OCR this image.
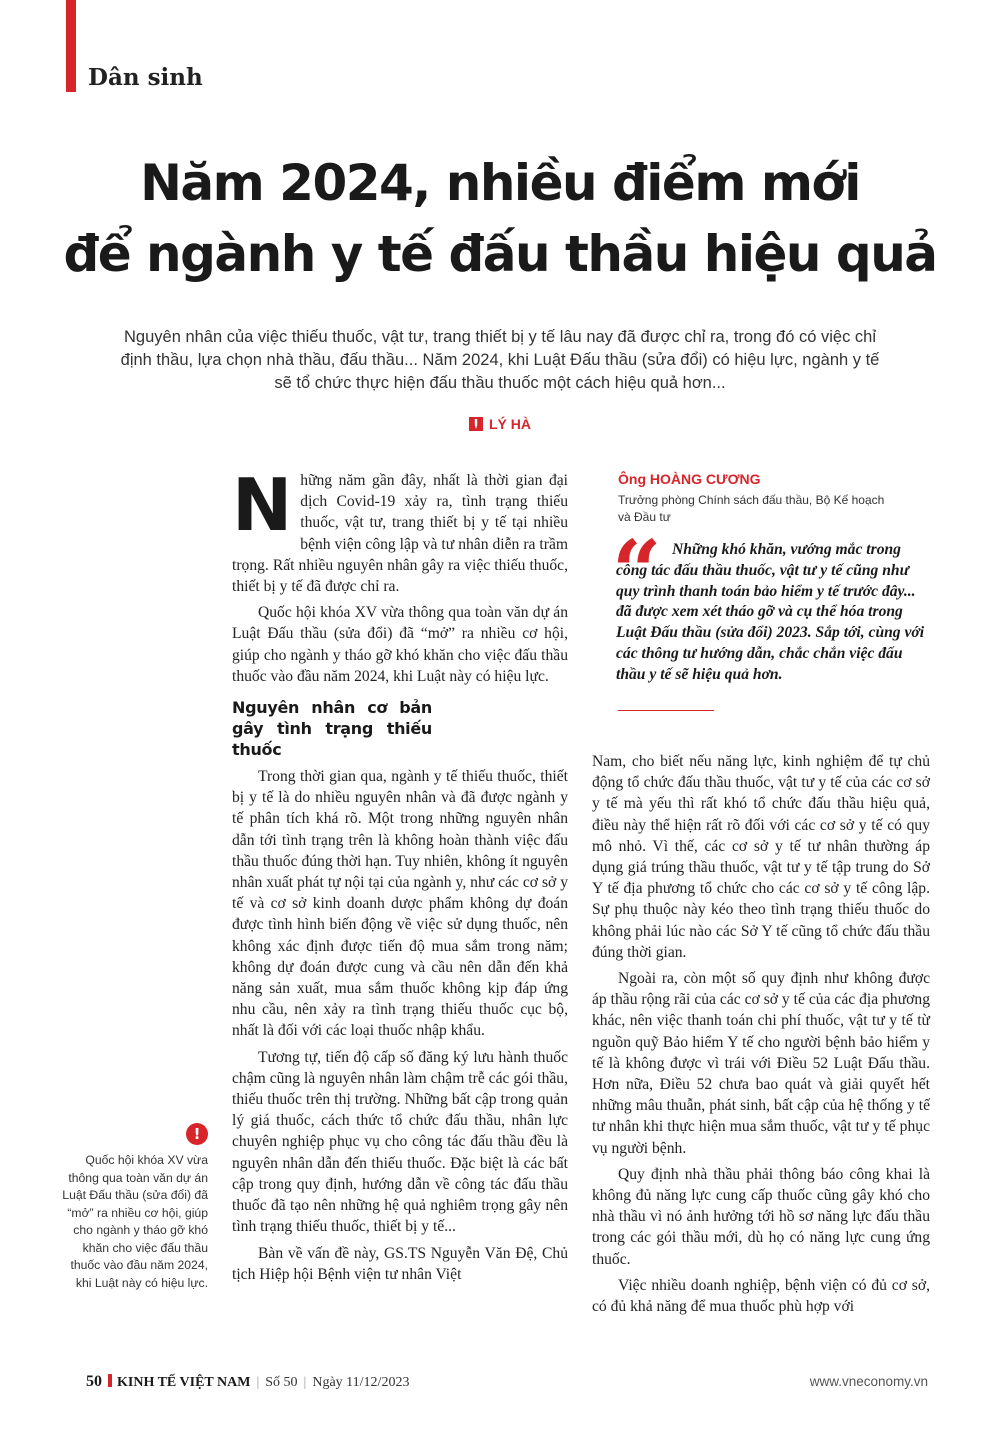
Dân sinh
Năm 2024, nhiều điểm mới
để ngành y tế đấu thầu hiệu quả
Nguyên nhân của việc thiếu thuốc, vật tư, trang thiết bị y tế lâu nay đã được chỉ ra, trong đó có việc chỉ định thầu, lựa chọn nhà thầu, đấu thầu... Năm 2024, khi Luật Đấu thầu (sửa đổi) có hiệu lực, ngành y tế sẽ tổ chức thực hiện đấu thầu thuốc một cách hiệu quả hơn...
LÝ HÀ

Những năm gần đây, nhất là thời gian đại dịch Covid-19 xảy ra, tình trạng thiếu thuốc, vật tư, trang thiết bị y tế tại nhiều bệnh viện công lập và tư nhân diễn ra trầm trọng. Rất nhiều nguyên nhân gây ra việc thiếu thuốc, thiết bị y tế đã được chỉ ra.

Quốc hội khóa XV vừa thông qua toàn văn dự án Luật Đấu thầu (sửa đổi) đã “mở” ra nhiều cơ hội, giúp cho ngành y tháo gỡ khó khăn cho việc đấu thầu thuốc vào đầu năm 2024, khi Luật này có hiệu lực.

Nguyên nhân cơ bản gây tình trạng thiếu thuốc

Trong thời gian qua, ngành y tế thiếu thuốc, thiết bị y tế là do nhiều nguyên nhân và đã được ngành y tế phân tích khá rõ. Một trong những nguyên nhân dẫn tới tình trạng trên là không hoàn thành việc đấu thầu thuốc đúng thời hạn. Tuy nhiên, không ít nguyên nhân xuất phát tự nội tại của ngành y, như các cơ sở y tế và cơ sở kinh doanh dược phẩm không dự đoán được tình hình biến động về việc sử dụng thuốc, nên không xác định được tiến độ mua sắm trong năm; không dự đoán được cung và cầu nên dẫn đến khả năng sản xuất, mua sắm thuốc không kịp đáp ứng nhu cầu, nên xảy ra tình trạng thiếu thuốc cục bộ, nhất là đối với các loại thuốc nhập khẩu.

Tương tự, tiến độ cấp số đăng ký lưu hành thuốc chậm cũng là nguyên nhân làm chậm trễ các gói thầu, thiếu thuốc trên thị trường. Những bất cập trong quản lý giá thuốc, cách thức tổ chức đấu thầu, nhân lực chuyên nghiệp phục vụ cho công tác đấu thầu đều là nguyên nhân dẫn đến thiếu thuốc. Đặc biệt là các bất cập trong quy định, hướng dẫn về công tác đấu thầu thuốc đã tạo nên những hệ quả nghiêm trọng gây nên tình trạng thiếu thuốc, thiết bị y tế...

Bàn về vấn đề này, GS.TS Nguyễn Văn Đệ, Chủ tịch Hiệp hội Bệnh viện tư nhân Việt

Ông HOÀNG CƯƠNG
Trưởng phòng Chính sách đấu thầu, Bộ Kế hoạch và Đầu tư
“ Những khó khăn, vướng mắc trong công tác đấu thầu thuốc, vật tư y tế cũng như quy trình thanh toán bảo hiểm y tế trước đây... đã được xem xét tháo gỡ và cụ thể hóa trong Luật Đấu thầu (sửa đổi) 2023. Sắp tới, cùng với các thông tư hướng dẫn, chắc chắn việc đấu thầu y tế sẽ hiệu quả hơn.

Nam, cho biết nếu năng lực, kinh nghiệm để tự chủ động tổ chức đấu thầu thuốc, vật tư y tế của các cơ sở y tế mà yếu thì rất khó tổ chức đấu thầu hiệu quả, điều này thể hiện rất rõ đối với các cơ sở y tế có quy mô nhỏ. Vì thế, các cơ sở y tế tư nhân thường áp dụng giá trúng thầu thuốc, vật tư y tế tập trung do Sở Y tế địa phương tổ chức cho các cơ sở y tế công lập. Sự phụ thuộc này kéo theo tình trạng thiếu thuốc do không phải lúc nào các Sở Y tế cũng tổ chức đấu thầu đúng thời gian.

Ngoài ra, còn một số quy định như không được áp thầu rộng rãi của các cơ sở y tế của các địa phương khác, nên việc thanh toán chi phí thuốc, vật tư y tế từ nguồn quỹ Bảo hiểm Y tế cho người bệnh bảo hiểm y tế là không được vì trái với Điều 52 Luật Đấu thầu. Hơn nữa, Điều 52 chưa bao quát và giải quyết hết những mâu thuẫn, phát sinh, bất cập của hệ thống y tế tư nhân khi thực hiện mua sắm thuốc, vật tư y tế phục vụ người bệnh.

Quy định nhà thầu phải thông báo công khai là không đủ năng lực cung cấp thuốc cũng gây khó cho nhà thầu vì nó ảnh hưởng tới hồ sơ năng lực đấu thầu trong các gói thầu mới, dù họ có năng lực cung ứng thuốc.

Việc nhiều doanh nghiệp, bệnh viện có đủ cơ sở, có đủ khả năng để mua thuốc phù hợp với

!
Quốc hội khóa XV vừa thông qua toàn văn dự án Luật Đấu thầu (sửa đổi) đã “mở” ra nhiều cơ hội, giúp cho ngành y tháo gỡ khó khăn cho việc đấu thầu thuốc vào đầu năm 2024, khi Luật này có hiệu lực.
50 KINH TẾ VIỆT NAM | Số 50 | Ngày 11/12/2023	www.vneconomy.vn
